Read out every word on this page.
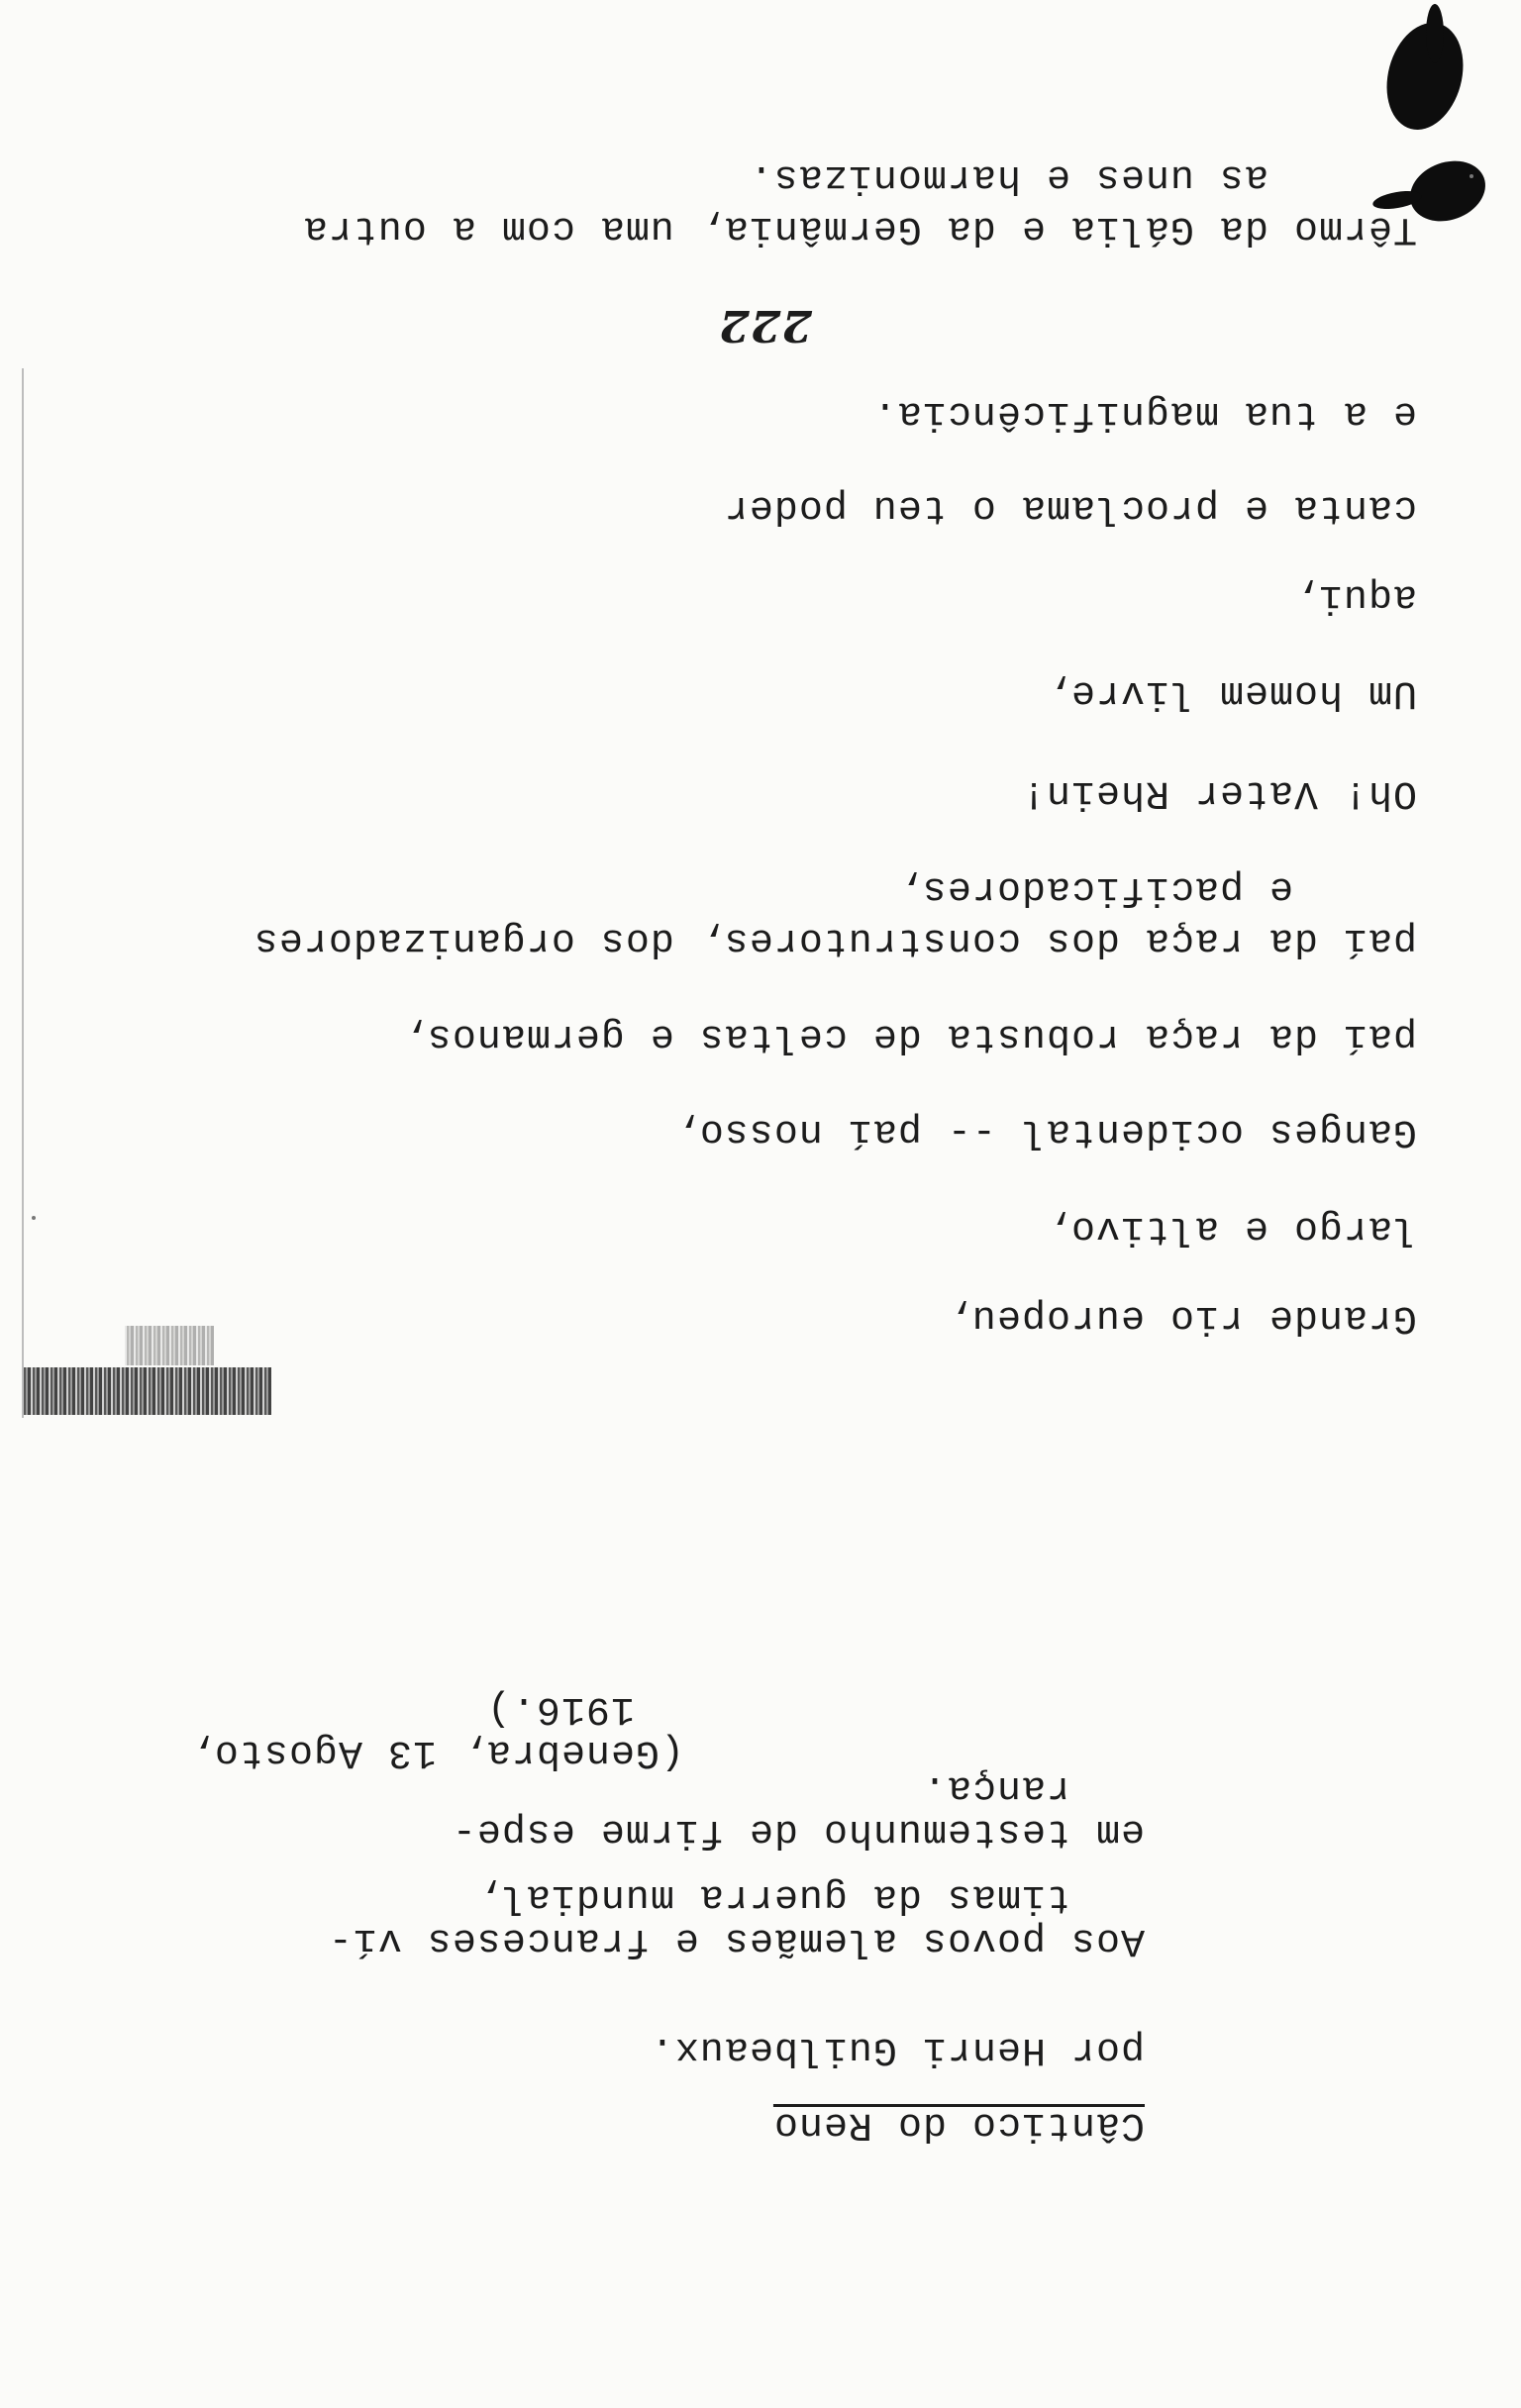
Cântico do Reno

por Henri Guilbeaux.

Aos povos alemães e franceses ví-

timas da guerra mundial,

em testemunho de firme espe-

rança.

(Genebra, 13 Agosto,

1916.)

Grande rio europeu,

largo e altivo,

Ganges ocidental -- paí nosso,

paí da raça robusta de celtas e germanos,

paí da raça dos construtores, dos organizadores

e pacificadores,

Oh! Vater Rhein!

Um homem livre,

aqui,

canta e proclama o teu poder

e a tua magnificência.

222

Têrmo da Gália e da Germânia, uma com a outra

as unes e harmonizas.
